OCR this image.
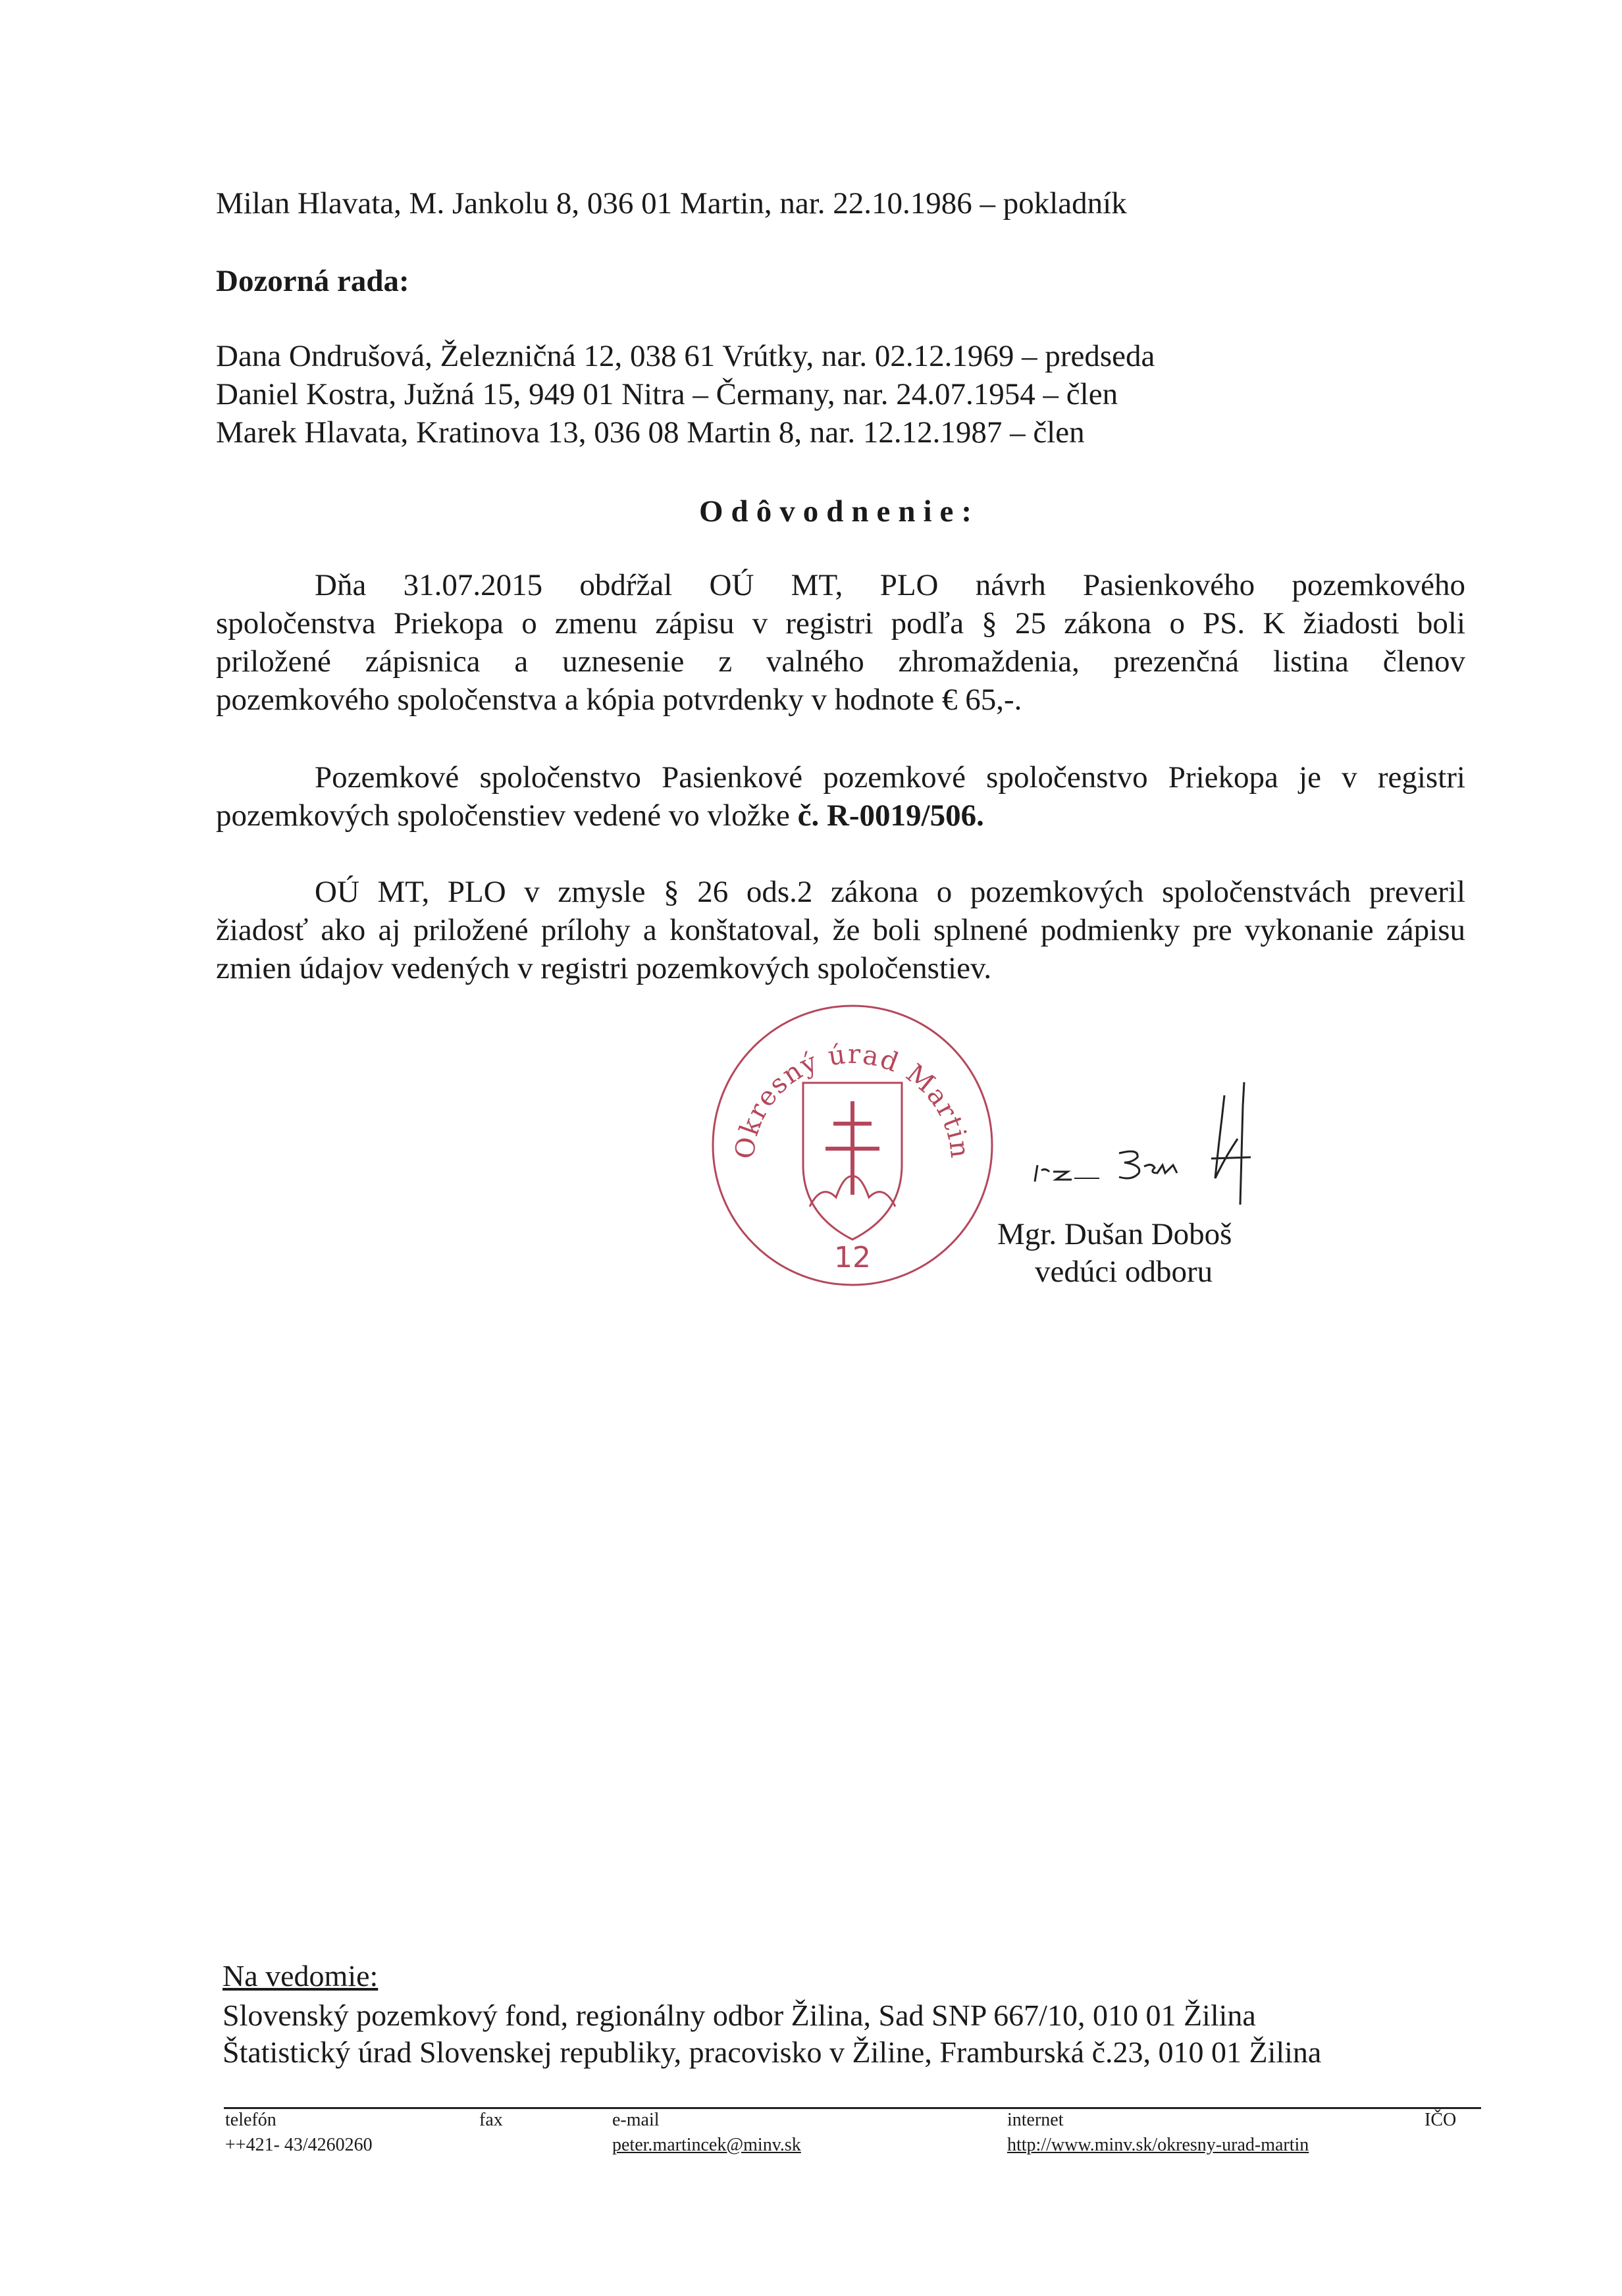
Milan Hlavata, M. Jankolu 8, 036 01 Martin, nar. 22.10.1986 – pokladník
Dozorná rada:
Dana Ondrušová, Železničná 12, 038 61 Vrútky, nar. 02.12.1969 – predseda
Daniel Kostra, Južná 15, 949 01 Nitra – Čermany, nar. 24.07.1954 – člen
Marek Hlavata, Kratinova 13, 036 08 Martin 8, nar. 12.12.1987 – člen
Odôvodnenie:
Dňa 31.07.2015 obdŕžal OÚ MT, PLO návrh Pasienkového pozemkového
spoločenstva Priekopa o zmenu zápisu v registri podľa § 25 zákona o PS. K žiadosti boli
priložené zápisnica a uznesenie z valného zhromaždenia, prezenčná listina členov
pozemkového spoločenstva a kópia potvrdenky v hodnote € 65,-.
Pozemkové spoločenstvo Pasienkové pozemkové spoločenstvo Priekopa je v registri
pozemkových spoločenstiev vedené vo vložke č. R-0019/506.
OÚ MT, PLO v zmysle § 26 ods.2 zákona o pozemkových spoločenstvách preveril
žiadosť ako aj priložené prílohy a konštatoval, že boli splnené podmienky pre vykonanie zápisu
zmien údajov vedených v registri pozemkových spoločenstiev.
Okresný úrad Martin
12
Mgr. Dušan Doboš
vedúci odboru
Na vedomie:
Slovenský pozemkový fond, regionálny odbor Žilina, Sad SNP 667/10, 010 01 Žilina
Štatistický úrad Slovenskej republiky, pracovisko v Žiline, Framburská č.23, 010 01 Žilina
telefón
++421- 43/4260260
fax	e-mail
peter.martincek@minv.sk
internet
http://www.minv.sk/okresny-urad-martin
IČO
